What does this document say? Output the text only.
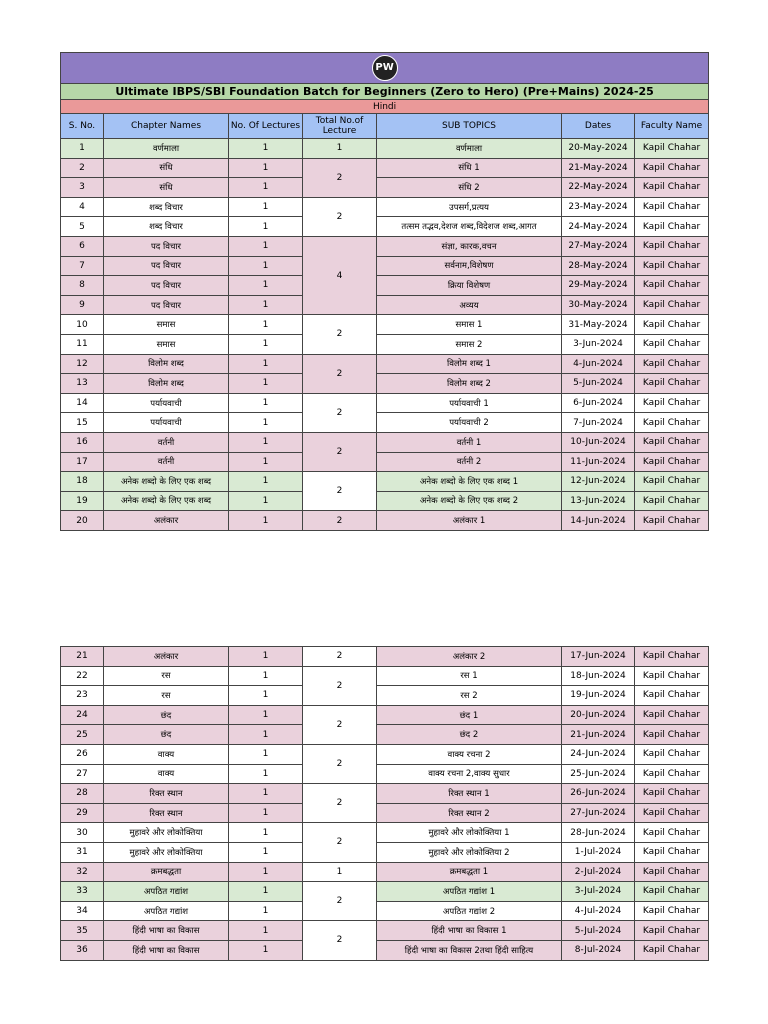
PW						
Ultimate IBPS/SBI Foundation Batch for Beginners (Zero to Hero) (Pre+Mains) 2024-25						
Hindi						
S. No.	Chapter Names	No. Of Lectures	Total No.of Lecture	SUB TOPICS	Dates	Faculty Name
1	वर्णमाला	1	1	वर्णमाला	20-May-2024	Kapil Chahar
2	संधि	1	2	संधि 1	21-May-2024	Kapil Chahar
3	संधि	1		संधि 2	22-May-2024	Kapil Chahar
4	शब्द विचार	1	2	उपसर्ग,प्रत्यय	23-May-2024	Kapil Chahar
5	शब्द विचार	1		तत्सम तद्भव,देशज शब्द,विदेशज शब्द,आगत	24-May-2024	Kapil Chahar
6	पद विचार	1	4	संज्ञा, कारक,वचन	27-May-2024	Kapil Chahar
7	पद विचार	1		सर्वनाम,विशेषण	28-May-2024	Kapil Chahar
8	पद विचार	1		क्रिया विशेषण	29-May-2024	Kapil Chahar
9	पद विचार	1		अव्यय	30-May-2024	Kapil Chahar
10	समास	1	2	समास 1	31-May-2024	Kapil Chahar
11	समास	1		समास 2	3-Jun-2024	Kapil Chahar
12	विलोम शब्द	1	2	विलोम शब्द 1	4-Jun-2024	Kapil Chahar
13	विलोम शब्द	1		विलोम शब्द 2	5-Jun-2024	Kapil Chahar
14	पर्यायवाची	1	2	पर्यायवाची 1	6-Jun-2024	Kapil Chahar
15	पर्यायवाची	1		पर्यायवाची 2	7-Jun-2024	Kapil Chahar
16	वर्तनी	1	2	वर्तनी 1	10-Jun-2024	Kapil Chahar
17	वर्तनी	1		वर्तनी 2	11-Jun-2024	Kapil Chahar
18	अनेक शब्दो के लिए एक शब्द	1	2	अनेक शब्दो के लिए एक शब्द 1	12-Jun-2024	Kapil Chahar
19	अनेक शब्दो के लिए एक शब्द	1		अनेक शब्दो के लिए एक शब्द 2	13-Jun-2024	Kapil Chahar
20	अलंकार	1	2	अलंकार 1	14-Jun-2024	Kapil Chahar
21	अलंकार	1	2	अलंकार 2	17-Jun-2024	Kapil Chahar
22	रस	1	2	रस 1	18-Jun-2024	Kapil Chahar
23	रस	1		रस 2	19-Jun-2024	Kapil Chahar
24	छंद	1	2	छंद 1	20-Jun-2024	Kapil Chahar
25	छंद	1		छंद 2	21-Jun-2024	Kapil Chahar
26	वाक्य	1	2	वाक्य रचना 2	24-Jun-2024	Kapil Chahar
27	वाक्य	1		वाक्य रचना 2,वाक्य सुधार	25-Jun-2024	Kapil Chahar
28	रिक्त स्थान	1	2	रिक्त स्थान 1	26-Jun-2024	Kapil Chahar
29	रिक्त स्थान	1		रिक्त स्थान 2	27-Jun-2024	Kapil Chahar
30	मुहावरे और लोकोक्तिया	1	2	मुहावरे और लोकोक्तिया 1	28-Jun-2024	Kapil Chahar
31	मुहावरे और लोकोक्तिया	1		मुहावरे और लोकोक्तिया 2	1-Jul-2024	Kapil Chahar
32	क्रमबद्धता	1	1	क्रमबद्धता 1	2-Jul-2024	Kapil Chahar
33	अपठित गद्यांश	1	2	अपठित गद्यांश 1	3-Jul-2024	Kapil Chahar
34	अपठित गद्यांश	1		अपठित गद्यांश 2	4-Jul-2024	Kapil Chahar
35	हिंदी भाषा का विकास	1	2	हिंदी भाषा का विकास 1	5-Jul-2024	Kapil Chahar
36	हिंदी भाषा का विकास	1		हिंदी भाषा का विकास 2तथा हिंदी साहित्य	8-Jul-2024	Kapil Chahar
